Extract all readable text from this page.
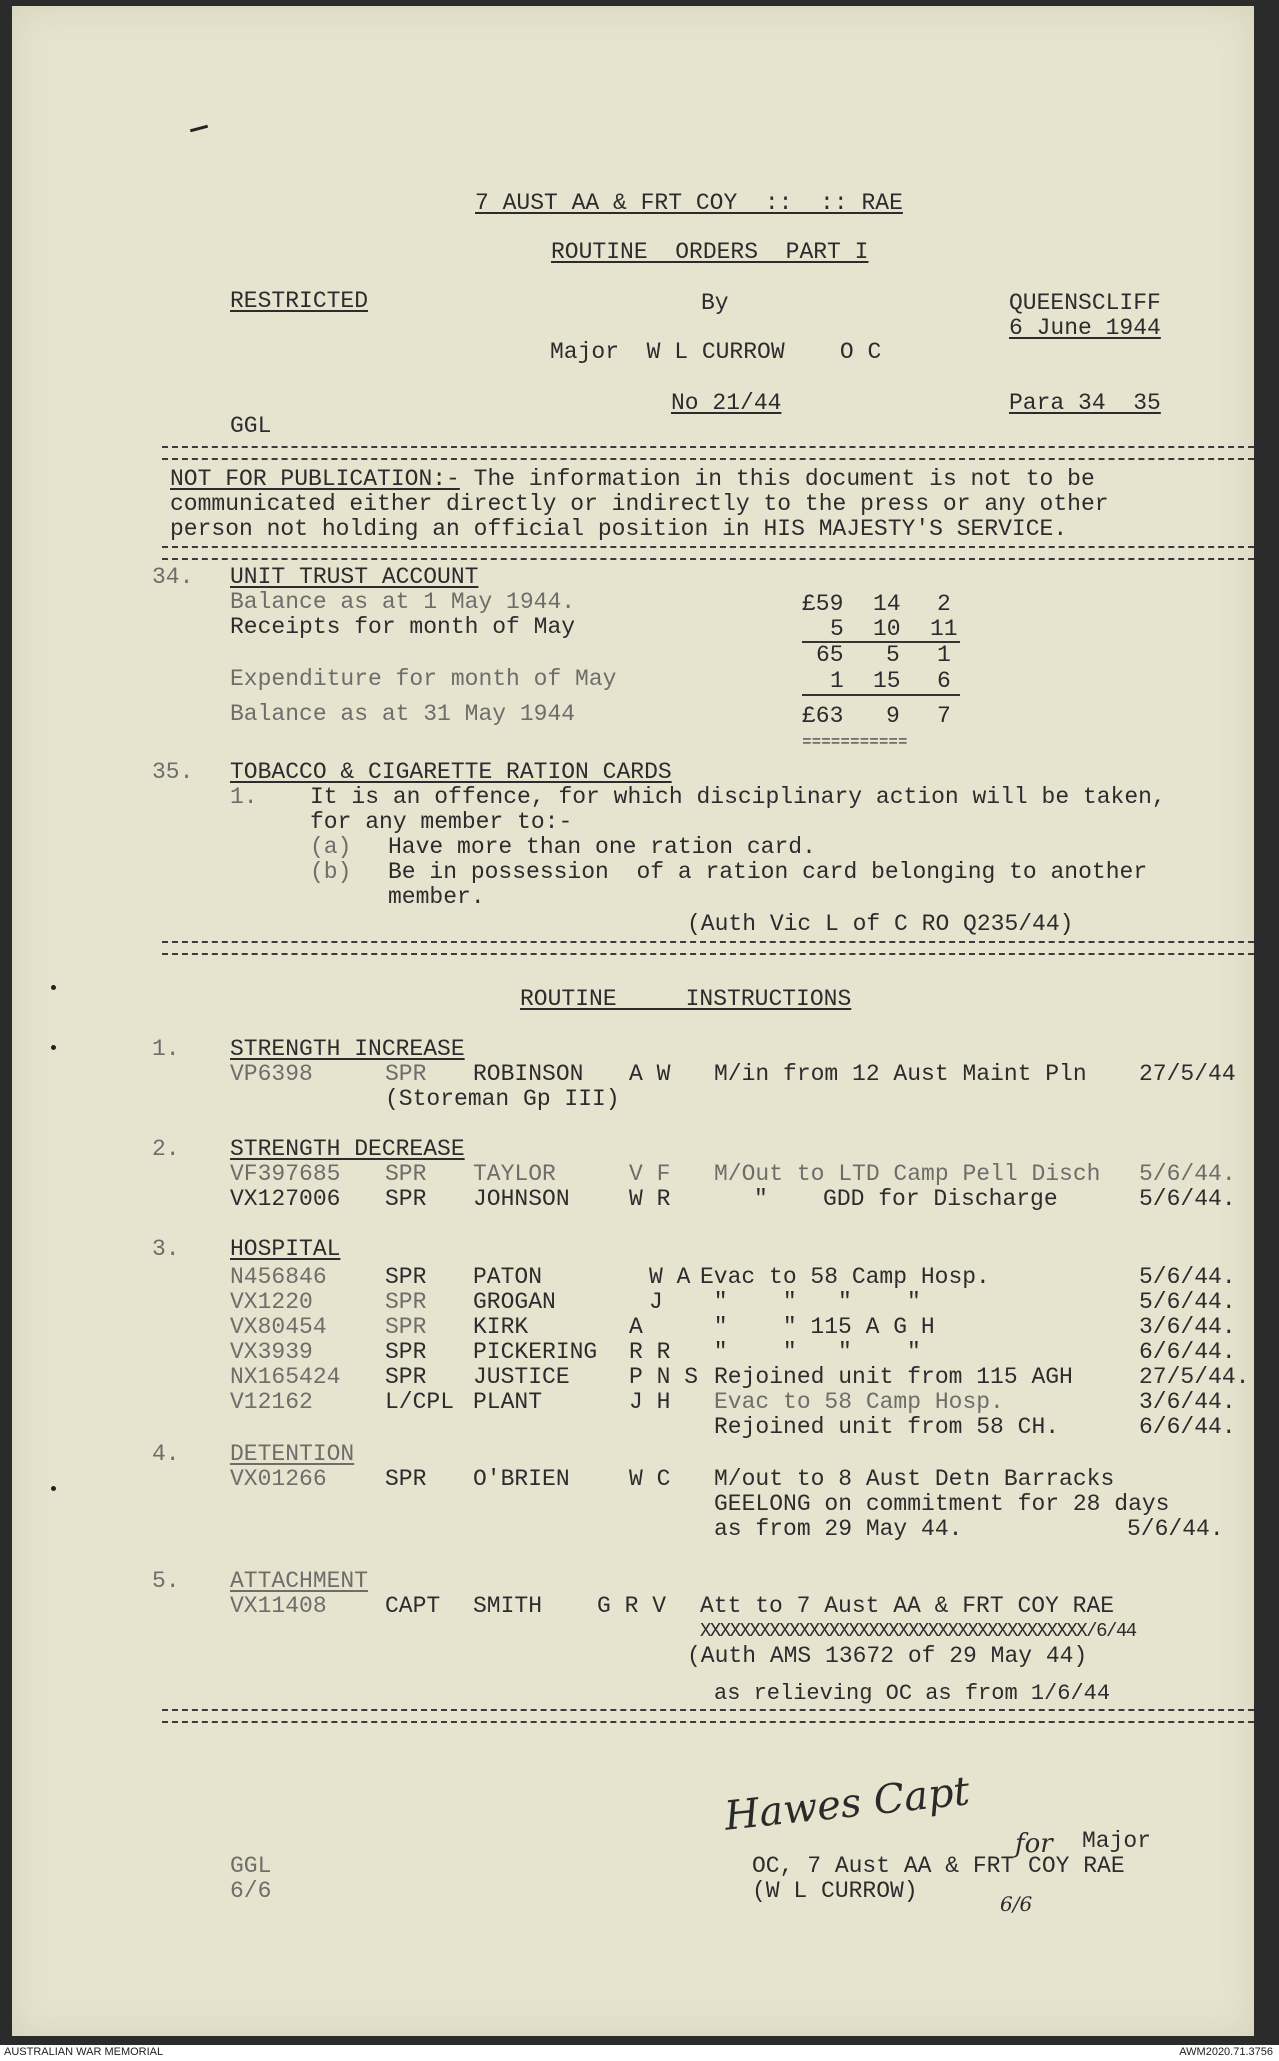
7 AUST AA & FRT COY  ::  :: RAE
ROUTINE  ORDERS  PART I
RESTRICTED	By	QUEENSCLIFF
6 June 1944
Major  W L CURROW    O C
No 21/44	Para 34  35
GGL
NOT FOR PUBLICATION:- The information in this document is not to be
communicated either directly or indirectly to the press or any other
person not holding an official position in HIS MAJESTY'S SERVICE.
34. UNIT TRUST ACCOUNT
Balance as at 1 May 1944.	£59 14 2
Receipts for month of May	5 10 11
65 5 1
Expenditure for month of May	1 15 6
Balance as at 31 May 1944	£63 9 7
===========
35. TOBACCO & CIGARETTE RATION CARDS
1. It is an offence, for which disciplinary action will be taken,
for any member to:-
(a) Have more than one ration card.
(b) Be in possession  of a ration card belonging to another
member.
(Auth Vic L of C RO Q235/44)
ROUTINE     INSTRUCTIONS
1. STRENGTH INCREASE
VP6398	SPR ROBINSON A W M/in from 12 Aust Maint Pln 27/5/44
(Storeman Gp III)
2. STRENGTH DECREASE
VF397685 SPR TAYLOR	V F M/Out to LTD Camp Pell Disch 5/6/44.
VX127006 SPR JOHNSON	W R	"    GDD for Discharge	5/6/44.
3. HOSPITAL
N456846	SPR PATON	W A Evac to 58 Camp Hosp.	5/6/44.
VX1220	SPR GROGAN	J "    "   "    "	5/6/44.
VX80454	SPR KIRK	A "    " 115 A G H	3/6/44.
VX3939	SPR PICKERING R R "    "   "    "	6/6/44.
NX165424 SPR JUSTICE	P N S Rejoined unit from 115 AGH	27/5/44.
V12162	L/CPL PLANT	J H Evac to 58 Camp Hosp.	3/6/44.
Rejoined unit from 58 CH.	6/6/44.
4. DETENTION
VX01266	SPR O'BRIEN	W C M/out to 8 Aust Detn Barracks
GEELONG on commitment for 28 days
as from 29 May 44.	5/6/44.
5. ATTACHMENT
VX11408	CAPT SMITH G R V Att to 7 Aust AA & FRT COY RAE
XXXXXXXXXXXXXXXXXXXXXXXXXXXXXXXXXXXXXXX/6/44
(Auth AMS 13672 of 29 May 44)
as relieving OC as from 1/6/44
Hawes Capt
for Major
OC, 7 Aust AA & FRT COY RAE
(W L CURROW)	6/6
GGL
6/6
AUSTRALIAN WAR MEMORIAL	AWM2020.71.3756
